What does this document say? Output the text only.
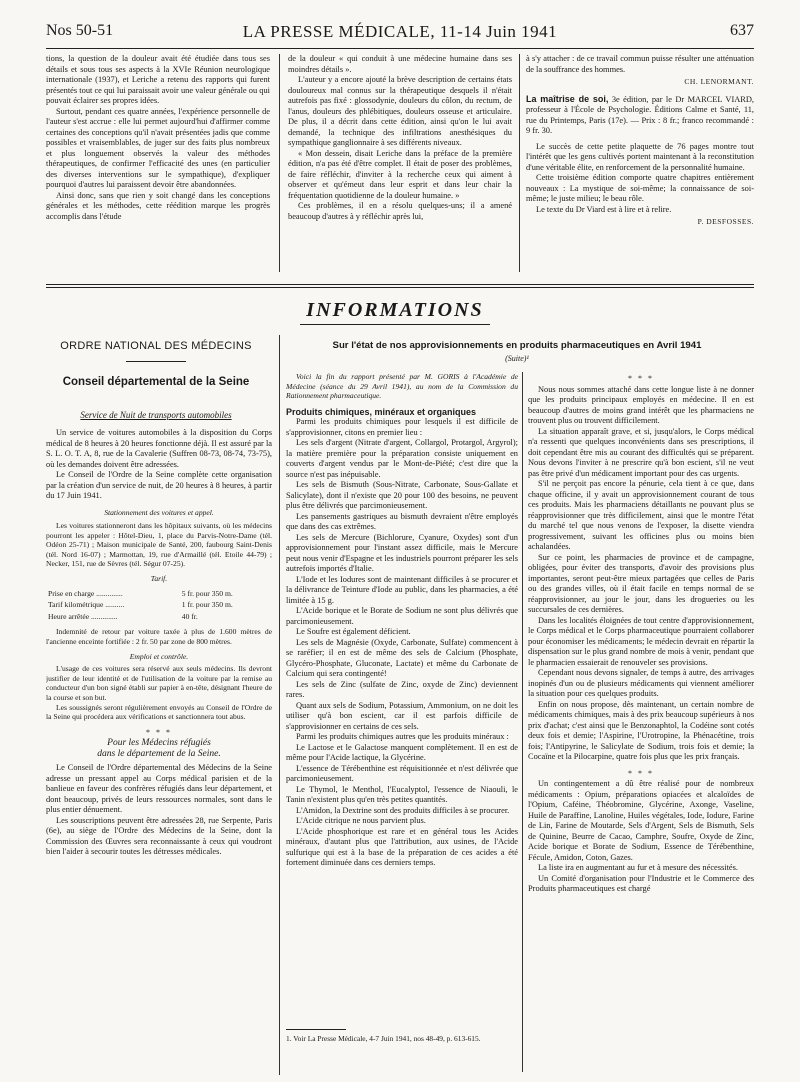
Nos 50-51	LA PRESSE MÉDICALE, 11-14 Juin 1941	637

tions, la question de la douleur avait été étudiée dans tous ses détails et sous tous ses aspects à la XVIe Réunion neurologique internationale (1937), et Leriche a retenu des rapports qui furent présentés tout ce qui lui paraissait avoir une valeur générale ou qui pouvait éclairer ses propres idées.

Surtout, pendant ces quatre années, l'expérience personnelle de l'auteur s'est accrue : elle lui permet aujourd'hui d'affirmer comme certaines des conceptions qu'il n'avait présentées jadis que comme possibles et vraisemblables, de juger sur des faits plus nombreux et plus longuement observés la valeur des méthodes thérapeutiques, de confirmer l'efficacité des unes (en particulier des diverses interventions sur le sympathique), d'expliquer pourquoi d'autres lui paraissent devoir être abandonnées.

Ainsi donc, sans que rien y soit changé dans les conceptions générales et les méthodes, cette réédition marque les progrès accomplis dans l'étude

de la douleur « qui conduit à une médecine humaine dans ses moindres détails ».

L'auteur y a encore ajouté la brève description de certains états douloureux mal connus sur la thérapeutique desquels il n'était autrefois pas fixé : glossodynie, douleurs du côlon, du rectum, de l'anus, douleurs des phlébitiques, douleurs osseuse et articulaire. De plus, il a décrit dans cette édition, ainsi qu'on le lui avait demandé, la technique des infiltrations anesthésiques du sympathique ganglionnaire à ses différents niveaux.

« Mon dessein, disait Leriche dans la préface de la première édition, n'a pas été d'être complet. Il était de poser des problèmes, de faire réfléchir, d'inviter à la recherche ceux qui aiment à observer et qu'émeut dans leur esprit et dans leur chair la fréquentation quotidienne de la douleur humaine. »

Ces problèmes, il en a résolu quelques-uns; il a amené beaucoup d'autres à y réfléchir après lui,

à s'y attacher : de ce travail commun puisse résulter une atténuation de la souffrance des hommes.

CH. LENORMANT.

La maîtrise de soi, 3e édition, par le Dr MARCEL VIARD, professeur à l'École de Psychologie. Éditions Calme et Santé, 11, rue du Printemps, Paris (17e). — Prix : 8 fr.; franco recommandé : 9 fr. 30.

Le succès de cette petite plaquette de 76 pages montre tout l'intérêt que les gens cultivés portent maintenant à la reconstitution d'une véritable élite, en renforcement de la personnalité humaine.

Cette troisième édition comporte quatre chapitres entièrement nouveaux : La mystique de soi-même; la connaissance de soi-même; le juste milieu; le beau rôle.

Le texte du Dr Viard est à lire et à relire.

P. DESFOSSES.

INFORMATIONS
ORDRE NATIONAL DES MÉDECINS
Conseil départemental de la Seine
Service de Nuit de transports automobiles

Un service de voitures automobiles à la disposition du Corps médical de 8 heures à 20 heures fonctionne déjà. Il est assuré par la S. L. O. T. A, 8, rue de la Cavalerie (Suffren 08-73, 08-74, 73-75), où les demandes doivent être adressées.

Le Conseil de l'Ordre de la Seine complète cette organisation par la création d'un service de nuit, de 20 heures à 8 heures, à partir du 17 Juin 1941.

Stationnement des voitures et appel.

Les voitures stationneront dans les hôpitaux suivants, où les médecins pourront les appeler : Hôtel-Dieu, 1, place du Parvis-Notre-Dame (tél. Odéon 25-71) ; Maison municipale de Santé, 200, faubourg Saint-Denis (tél. Nord 16-07) ; Marmottan, 19, rue d'Armaillé (tél. Etoile 44-79) ; Necker, 151, rue de Sèvres (tél. Ségur 07-25).

Tarif.

Prise en charge ..............	5 fr. pour 350 m.
Tarif kilométrique ..........	1 fr. pour 350 m.
Heure arrêtée ..............	40 fr.

Indemnité de retour par voiture taxée à plus de 1.600 mètres de l'ancienne enceinte fortifiée : 2 fr. 50 par zone de 800 mètres.

Emploi et contrôle.

L'usage de ces voitures sera réservé aux seuls médecins. Ils devront justifier de leur identité et de l'utilisation de la voiture par la remise au conducteur d'un bon signé établi sur papier à en-tête, désignant l'heure de la course et son but.

Les soussignés seront régulièrement envoyés au Conseil de l'Ordre de la Seine qui procédera aux vérifications et sanctionnera tout abus.

* * *

Pour les Médecins réfugiés

dans le département de la Seine.

Le Conseil de l'Ordre départemental des Médecins de la Seine adresse un pressant appel au Corps médical parisien et de la banlieue en faveur des confrères réfugiés dans leur département, et dont beaucoup, privés de leurs ressources normales, sont dans le plus entier dénuement.

Les souscriptions peuvent être adressées 28, rue Serpente, Paris (6e), au siège de l'Ordre des Médecins de la Seine, dont la Commission des Œuvres sera reconnaissante à ceux qui voudront bien l'aider à secourir toutes les détresses médicales.

Sur l'état de nos approvisionnements en produits pharmaceutiques en Avril 1941
(Suite)¹

Voici la fin du rapport présenté par M. GORIS à l'Académie de Médecine (séance du 29 Avril 1941), au nom de la Commission du Rationnement pharmaceutique.

Produits chimiques, minéraux et organiques

Parmi les produits chimiques pour lesquels il est difficile de s'approvisionner, citons en premier lieu :

Les sels d'argent (Nitrate d'argent, Collargol, Protargol, Argyrol); la matière première pour la préparation consiste uniquement en couverts d'argent vendus par le Mont-de-Piété; c'est dire que la source n'est pas inépuisable.

Les sels de Bismuth (Sous-Nitrate, Carbonate, Sous-Gallate et Salicylate), dont il n'existe que 20 pour 100 des besoins, ne peuvent plus être délivrés que parcimonieusement.

Les pansements gastriques au bismuth devraient n'être employés que dans des cas extrêmes.

Les sels de Mercure (Bichlorure, Cyanure, Oxydes) sont d'un approvisionnement pour l'instant assez difficile, mais le Mercure peut nous venir d'Espagne et les industriels pourront préparer les sels autrefois importés d'Italie.

L'Iode et les Iodures sont de maintenant difficiles à se procurer et la délivrance de Teinture d'Iode au public, dans les pharmacies, a été limitée à 15 g.

L'Acide borique et le Borate de Sodium ne sont plus délivrés que parcimonieusement.

Le Soufre est également déficient.

Les sels de Magnésie (Oxyde, Carbonate, Sulfate) commencent à se raréfier; il en est de même des sels de Calcium (Phosphate, Glycéro-Phosphate, Gluconate, Lactate) et même du Carbonate de Calcium qui sera contingenté!

Les sels de Zinc (sulfate de Zinc, oxyde de Zinc) deviennent rares.

Quant aux sels de Sodium, Potassium, Ammonium, on ne doit les utiliser qu'à bon escient, car il est parfois difficile de s'approvisionner en certains de ces sels.

Parmi les produits chimiques autres que les produits minéraux :

Le Lactose et le Galactose manquent complètement. Il en est de même pour l'Acide lactique, la Glycérine.

L'essence de Térébenthine est réquisitionnée et n'est délivrée que parcimonieusement.

Le Thymol, le Menthol, l'Eucalyptol, l'essence de Niaouli, le Tanin n'existent plus qu'en très petites quantités.

L'Amidon, la Dextrine sont des produits difficiles à se procurer.

L'Acide citrique ne nous parvient plus.

L'Acide phosphorique est rare et en général tous les Acides minéraux, d'autant plus que l'attribution, aux usines, de l'Acide sulfurique qui est à la base de la préparation de ces acides a été fortement diminuée dans ces derniers temps.

* * *

Nous nous sommes attaché dans cette longue liste à ne donner que les produits principaux employés en médecine. Il en est beaucoup d'autres de moins grand intérêt que les pharmaciens ne trouvent plus ou trouvent difficilement.

La situation apparaît grave, et si, jusqu'alors, le Corps médical n'a ressenti que quelques inconvénients dans ses prescriptions, il doit cependant être mis au courant des difficultés qui se préparent. Nous devons l'inviter à ne prescrire qu'à bon escient, s'il ne veut pas être privé d'un médicament important pour des cas urgents.

S'il ne perçoit pas encore la pénurie, cela tient à ce que, dans chaque officine, il y avait un approvisionnement courant de tous ces produits. Mais les pharmaciens détaillants ne pouvant plus se réapprovisionner que très difficilement, ainsi que le montre l'état du marché tel que nous venons de l'exposer, la disette viendra progressivement, suivant les officines plus ou moins bien achalandées.

Sur ce point, les pharmacies de province et de campagne, obligées, pour éviter des transports, d'avoir des provisions plus importantes, seront peut-être mieux partagées que celles de Paris ou des grandes villes, où il était facile en temps normal de se réapprovisionner, au jour le jour, dans les drogueries ou les succursales de ces dernières.

Dans les localités éloignées de tout centre d'approvisionnement, le Corps médical et le Corps pharmaceutique pourraient collaborer pour économiser les médicaments; le médecin devrait en répartir la dispensation sur le plus grand nombre de mois à venir, pendant que le pharmacien essaierait de renouveler ses provisions.

Cependant nous devons signaler, de temps à autre, des arrivages inopinés d'un ou de plusieurs médicaments qui viennent améliorer la situation pour ces quelques produits.

Enfin on nous propose, dès maintenant, un certain nombre de médicaments chimiques, mais à des prix beaucoup supérieurs à nos prix d'achat; c'est ainsi que le Benzonaphtol, la Codéine sont cotés deux fois et demie; l'Aspirine, l'Urotropine, la Phénacétine, trois fois; l'Antipyrine, le Salicylate de Sodium, trois fois et demie; la Cocaïne et la Pilocarpine, quatre fois plus que les prix français.

* * *

Un contingentement a dû être réalisé pour de nombreux médicaments : Opium, préparations opiacées et alcaloïdes de l'Opium, Caféine, Théobromine, Glycérine, Axonge, Vaseline, Huile de Paraffine, Lanoline, Huiles végétales, Iode, Iodure, Farine de Lin, Farine de Moutarde, Sels d'Argent, Sels de Bismuth, Sels de Quinine, Beurre de Cacao, Camphre, Soufre, Oxyde de Zinc, Acide borique et Borate de Sodium, Essence de Térébenthine, Fécule, Amidon, Coton, Gazes.

La liste ira en augmentant au fur et à mesure des nécessités.

Un Comité d'organisation pour l'Industrie et le Commerce des Produits pharmaceutiques est chargé

1. Voir La Presse Médicale, 4-7 Juin 1941, nos 48-49, p. 613-615.
